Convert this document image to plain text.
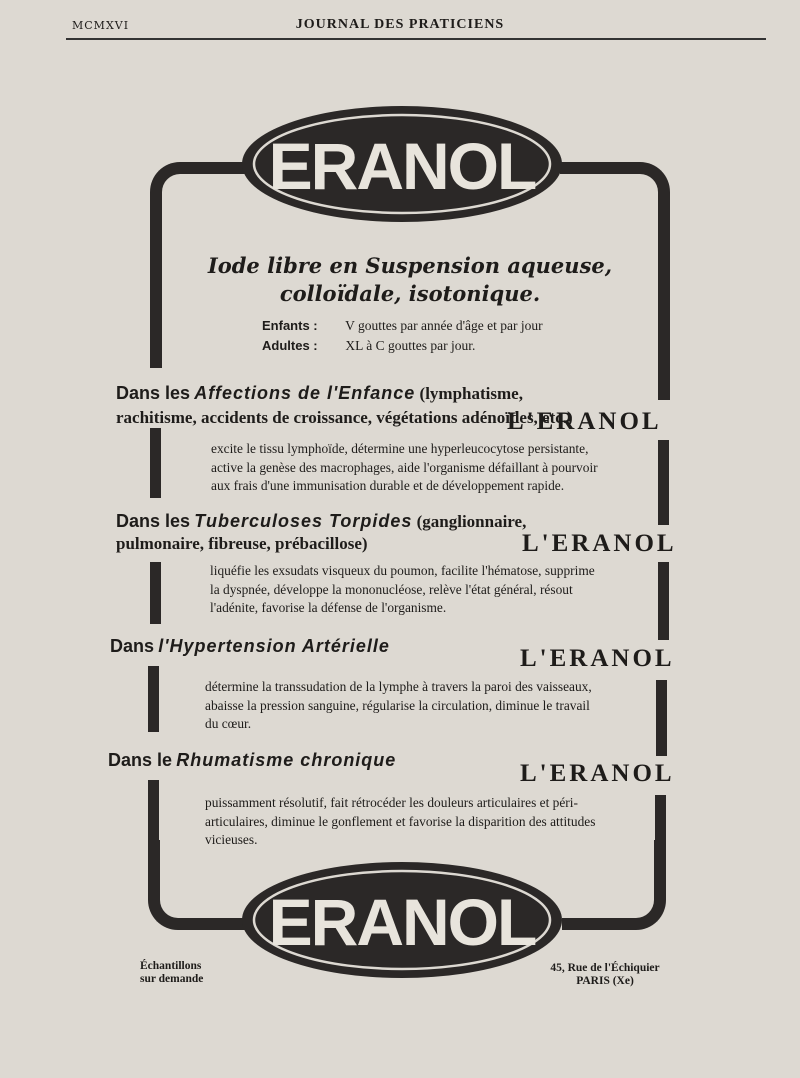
MCMXVI	JOURNAL DES PRATICIENS
ERANOL
Iode libre en Suspension aqueuse,
colloïdale, isotonique.
Enfants : V gouttes par année d'âge et par jour
Adultes : XL à C gouttes par jour.
Dans les Affections de l'Enfance (lymphatisme,
rachitisme, accidents de croissance, végétations adénoïdes, etc.)
L'ERANOL
excite le tissu lymphoïde, détermine une hyperleucocytose persistante,
active la genèse des macrophages, aide l'organisme défaillant à pourvoir
aux frais d'une immunisation durable et de développement rapide.
Dans les Tuberculoses Torpides (ganglionnaire,
pulmonaire, fibreuse, prébacillose)	L'ERANOL
liquéfie les exsudats visqueux du poumon, facilite l'hématose, supprime
la dyspnée, développe la mononucléose, relève l'état général, résout
l'adénite, favorise la défense de l'organisme.
Dans l'Hypertension Artérielle	L'ERANOL
détermine la transsudation de la lymphe à travers la paroi des vaisseaux,
abaisse la pression sanguine, régularise la circulation, diminue le travail
du cœur.
Dans le Rhumatisme chronique	L'ERANOL
puissamment résolutif, fait rétrocéder les douleurs articulaires et péri-
articulaires, diminue le gonflement et favorise la disparition des attitudes
vicieuses.
ERANOL
Échantillons
sur demande
45, Rue de l'Échiquier
PARIS (Xe)
